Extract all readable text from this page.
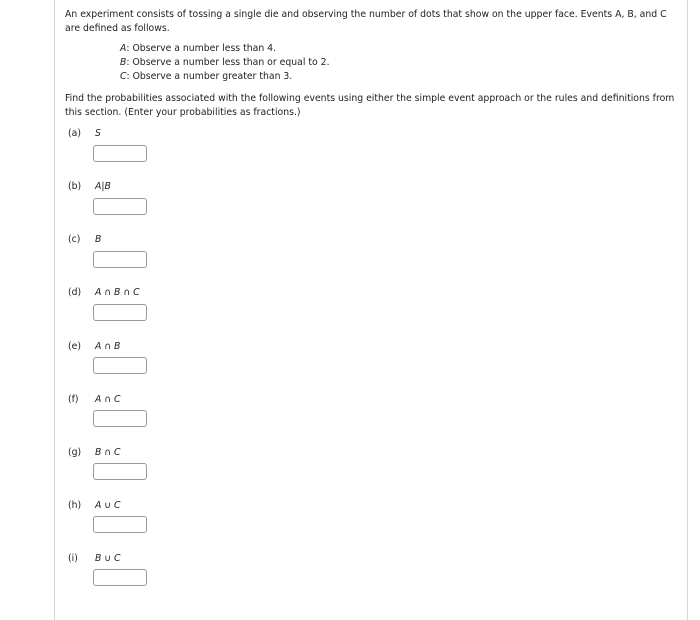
An experiment consists of tossing a single die and observing the number of dots that show on the upper face. Events A, B, and C are defined as follows.
A: Observe a number less than 4.
B: Observe a number less than or equal to 2.
C: Observe a number greater than 3.
Find the probabilities associated with the following events using either the simple event approach or the rules and definitions from this section. (Enter your probabilities as fractions.)
(a) S
(b) A|B
(c) B
(d) A ∩ B ∩ C
(e) A ∩ B
(f) A ∩ C
(g) B ∩ C
(h) A ∪ C
(i) B ∪ C
